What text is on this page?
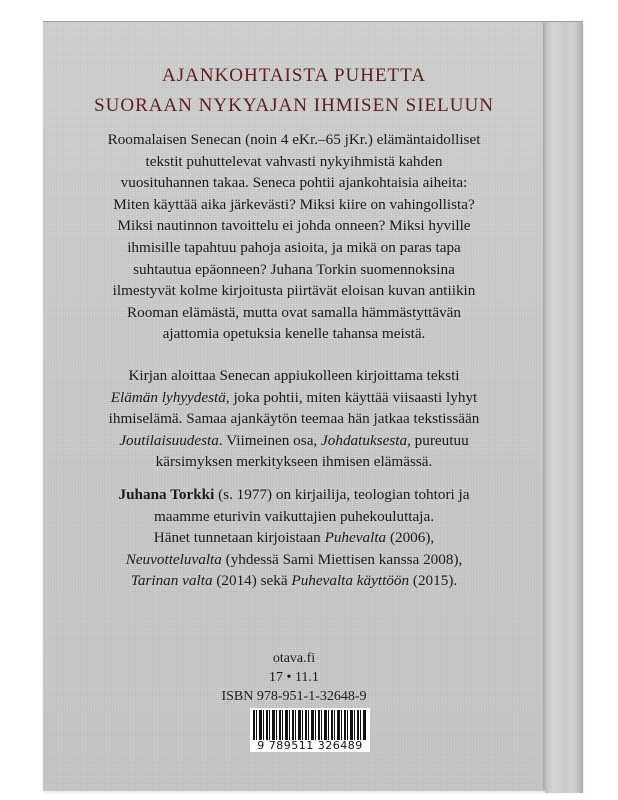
AJANKOHTAISTA PUHETTA
SUORAAN NYKYAJAN IHMISEN SIELUUN
Roomalaisen Senecan (noin 4 eKr.–65 jKr.) elämäntaidolliset
tekstit puhuttelevat vahvasti nykyihmistä kahden
vuosituhannen takaa. Seneca pohtii ajankohtaisia aiheita:
Miten käyttää aika järkevästi? Miksi kiire on vahingollista?
Miksi nautinnon tavoittelu ei johda onneen? Miksi hyville
ihmisille tapahtuu pahoja asioita, ja mikä on paras tapa
suhtautua epäonneen? Juhana Torkin suomennoksina
ilmestyvät kolme kirjoitusta piirtävät eloisan kuvan antiikin
Rooman elämästä, mutta ovat samalla hämmästyttävän
ajattomia opetuksia kenelle tahansa meistä.
Kirjan aloittaa Senecan appiukolleen kirjoittama teksti
Elämän lyhyydestä, joka pohtii, miten käyttää viisaasti lyhyt
ihmiselämä. Samaa ajankäytön teemaa hän jatkaa tekstissään
Joutilaisuudesta. Viimeinen osa, Johdatuksesta, pureutuu
kärsimyksen merkitykseen ihmisen elämässä.
Juhana Torkki (s. 1977) on kirjailija, teologian tohtori ja
maamme eturivin vaikuttajien puhekouluttaja.
Hänet tunnetaan kirjoistaan Puhevalta (2006),
Neuvotteluvalta (yhdessä Sami Miettisen kanssa 2008),
Tarinan valta (2014) sekä Puhevalta käyttöön (2015).
otava.fi
17 • 11.1
ISBN 978-951-1-32648-9
9 789511 326489
